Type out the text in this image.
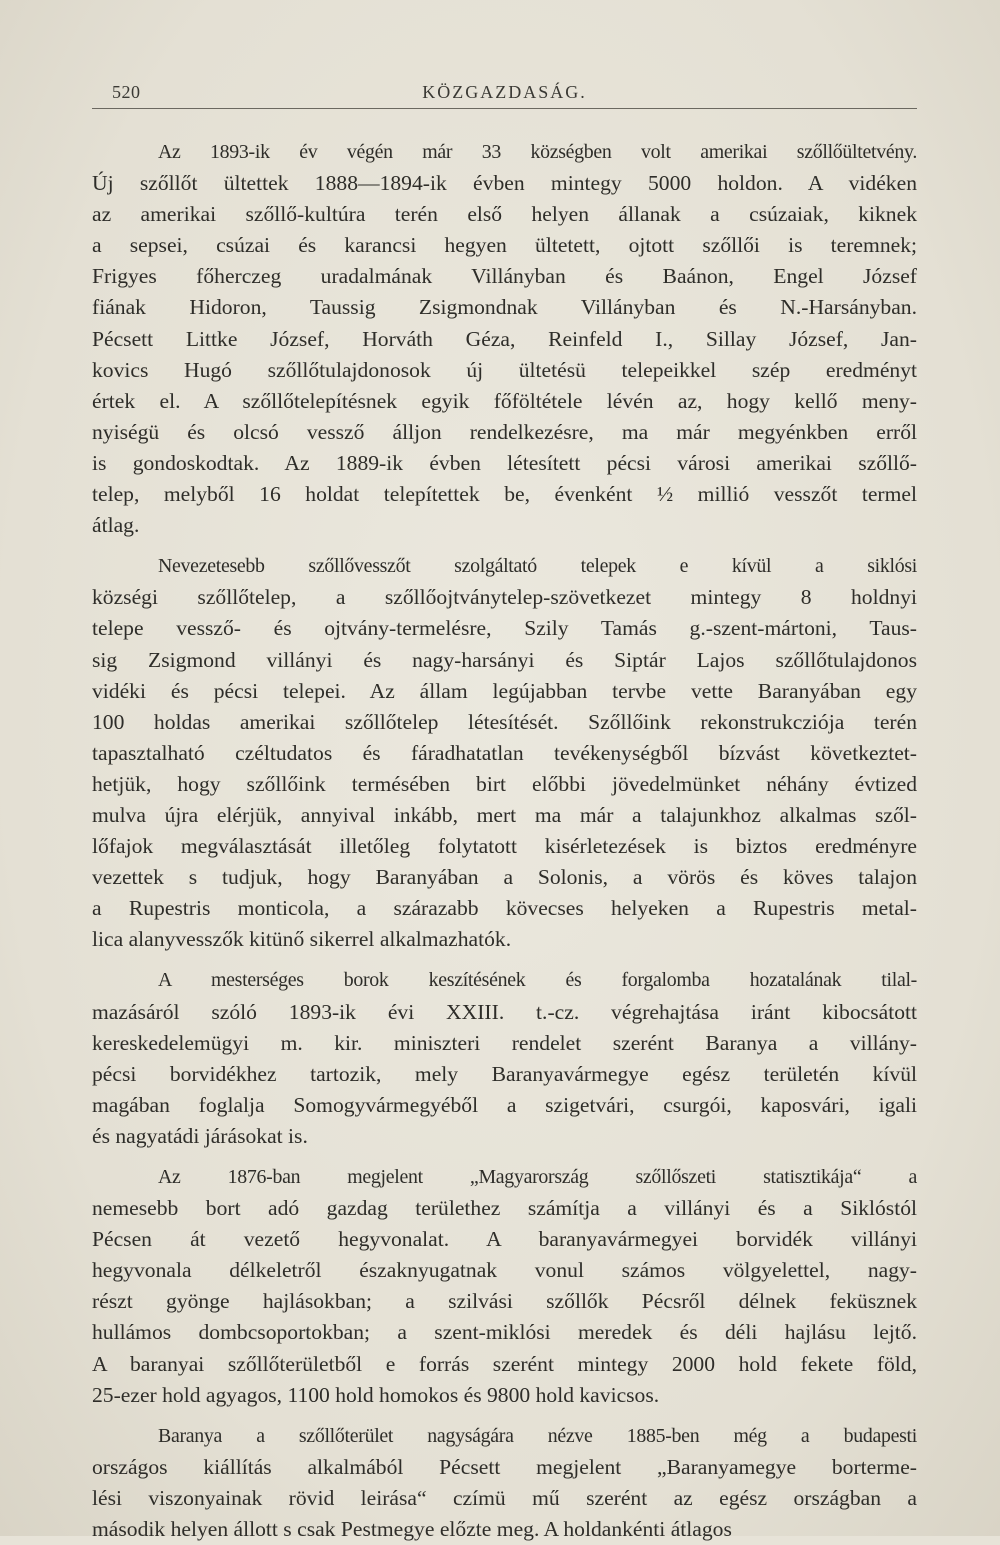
520	KÖZGAZDASÁG.
Az 1893-ik év végén már 33 községben volt amerikai szőllőültetvény.
Új szőllőt ültettek 1888—1894-ik évben mintegy 5000 holdon. A vidéken
az amerikai szőllő-kultúra terén első helyen állanak a csúzaiak, kiknek
a sepsei, csúzai és karancsi hegyen ültetett, ojtott szőllői is teremnek;
Frigyes főherczeg uradalmának Villányban és Baánon, Engel József
fiának Hidoron, Taussig Zsigmondnak Villányban és N.-Harsányban.
Pécsett Littke József, Horváth Géza, Reinfeld I., Sillay József, Jan-
kovics Hugó szőllőtulajdonosok új ültetésü telepeikkel szép eredményt
értek el. A szőllőtelepítésnek egyik főföltétele lévén az, hogy kellő meny-
nyiségü és olcsó vessző álljon rendelkezésre, ma már megyénkben erről
is gondoskodtak. Az 1889-ik évben létesített pécsi városi amerikai szőllő-
telep, melyből 16 holdat telepítettek be, évenként ½ millió vesszőt termel
átlag.
Nevezetesebb szőllővesszőt szolgáltató telepek e kívül a siklósi
községi szőllőtelep, a szőllőojtványtelep-szövetkezet mintegy 8 holdnyi
telepe vessző- és ojtvány-termelésre, Szily Tamás g.-szent-mártoni, Taus-
sig Zsigmond villányi és nagy-harsányi és Siptár Lajos szőllőtulajdonos
vidéki és pécsi telepei. Az állam legújabban tervbe vette Baranyában egy
100 holdas amerikai szőllőtelep létesítését. Szőllőink rekonstrukcziója terén
tapasztalható czéltudatos és fáradhatatlan tevékenységből bízvást következtet-
hetjük, hogy szőllőink termésében birt előbbi jövedelmünket néhány évtized
mulva újra elérjük, annyival inkább, mert ma már a talajunkhoz alkalmas szől-
lőfajok megválasztását illetőleg folytatott kisérletezések is biztos eredményre
vezettek s tudjuk, hogy Baranyában a Solonis, a vörös és köves talajon
a Rupestris monticola, a szárazabb kövecses helyeken a Rupestris metal-
lica alanyvesszők kitünő sikerrel alkalmazhatók.
A mesterséges borok keszítésének és forgalomba hozatalának tilal-
mazásáról szóló 1893-ik évi XXIII. t.-cz. végrehajtása iránt kibocsátott
kereskedelemügyi m. kir. miniszteri rendelet szerént Baranya a villány-
pécsi borvidékhez tartozik, mely Baranyavármegye egész területén kívül
magában foglalja Somogyvármegyéből a szigetvári, csurgói, kaposvári, igali
és nagyatádi járásokat is.
Az 1876-ban megjelent „Magyarország szőllőszeti statisztikája“ a
nemesebb bort adó gazdag területhez számítja a villányi és a Siklóstól
Pécsen át vezető hegyvonalat. A baranyavármegyei borvidék villányi
hegyvonala délkeletről északnyugatnak vonul számos völgyelettel, nagy-
részt gyönge hajlásokban; a szilvási szőllők Pécsről délnek feküsznek
hullámos dombcsoportokban; a szent-miklósi meredek és déli hajlásu lejtő.
A baranyai szőllőterületből e forrás szerént mintegy 2000 hold fekete föld,
25-ezer hold agyagos, 1100 hold homokos és 9800 hold kavicsos.
Baranya a szőllőterület nagyságára nézve 1885-ben még a budapesti
országos kiállítás alkalmából Pécsett megjelent „Baranyamegye borterme-
lési viszonyainak rövid leirása“ czímü mű szerént az egész országban a
második helyen állott s csak Pestmegye előzte meg. A holdankénti átlagos
